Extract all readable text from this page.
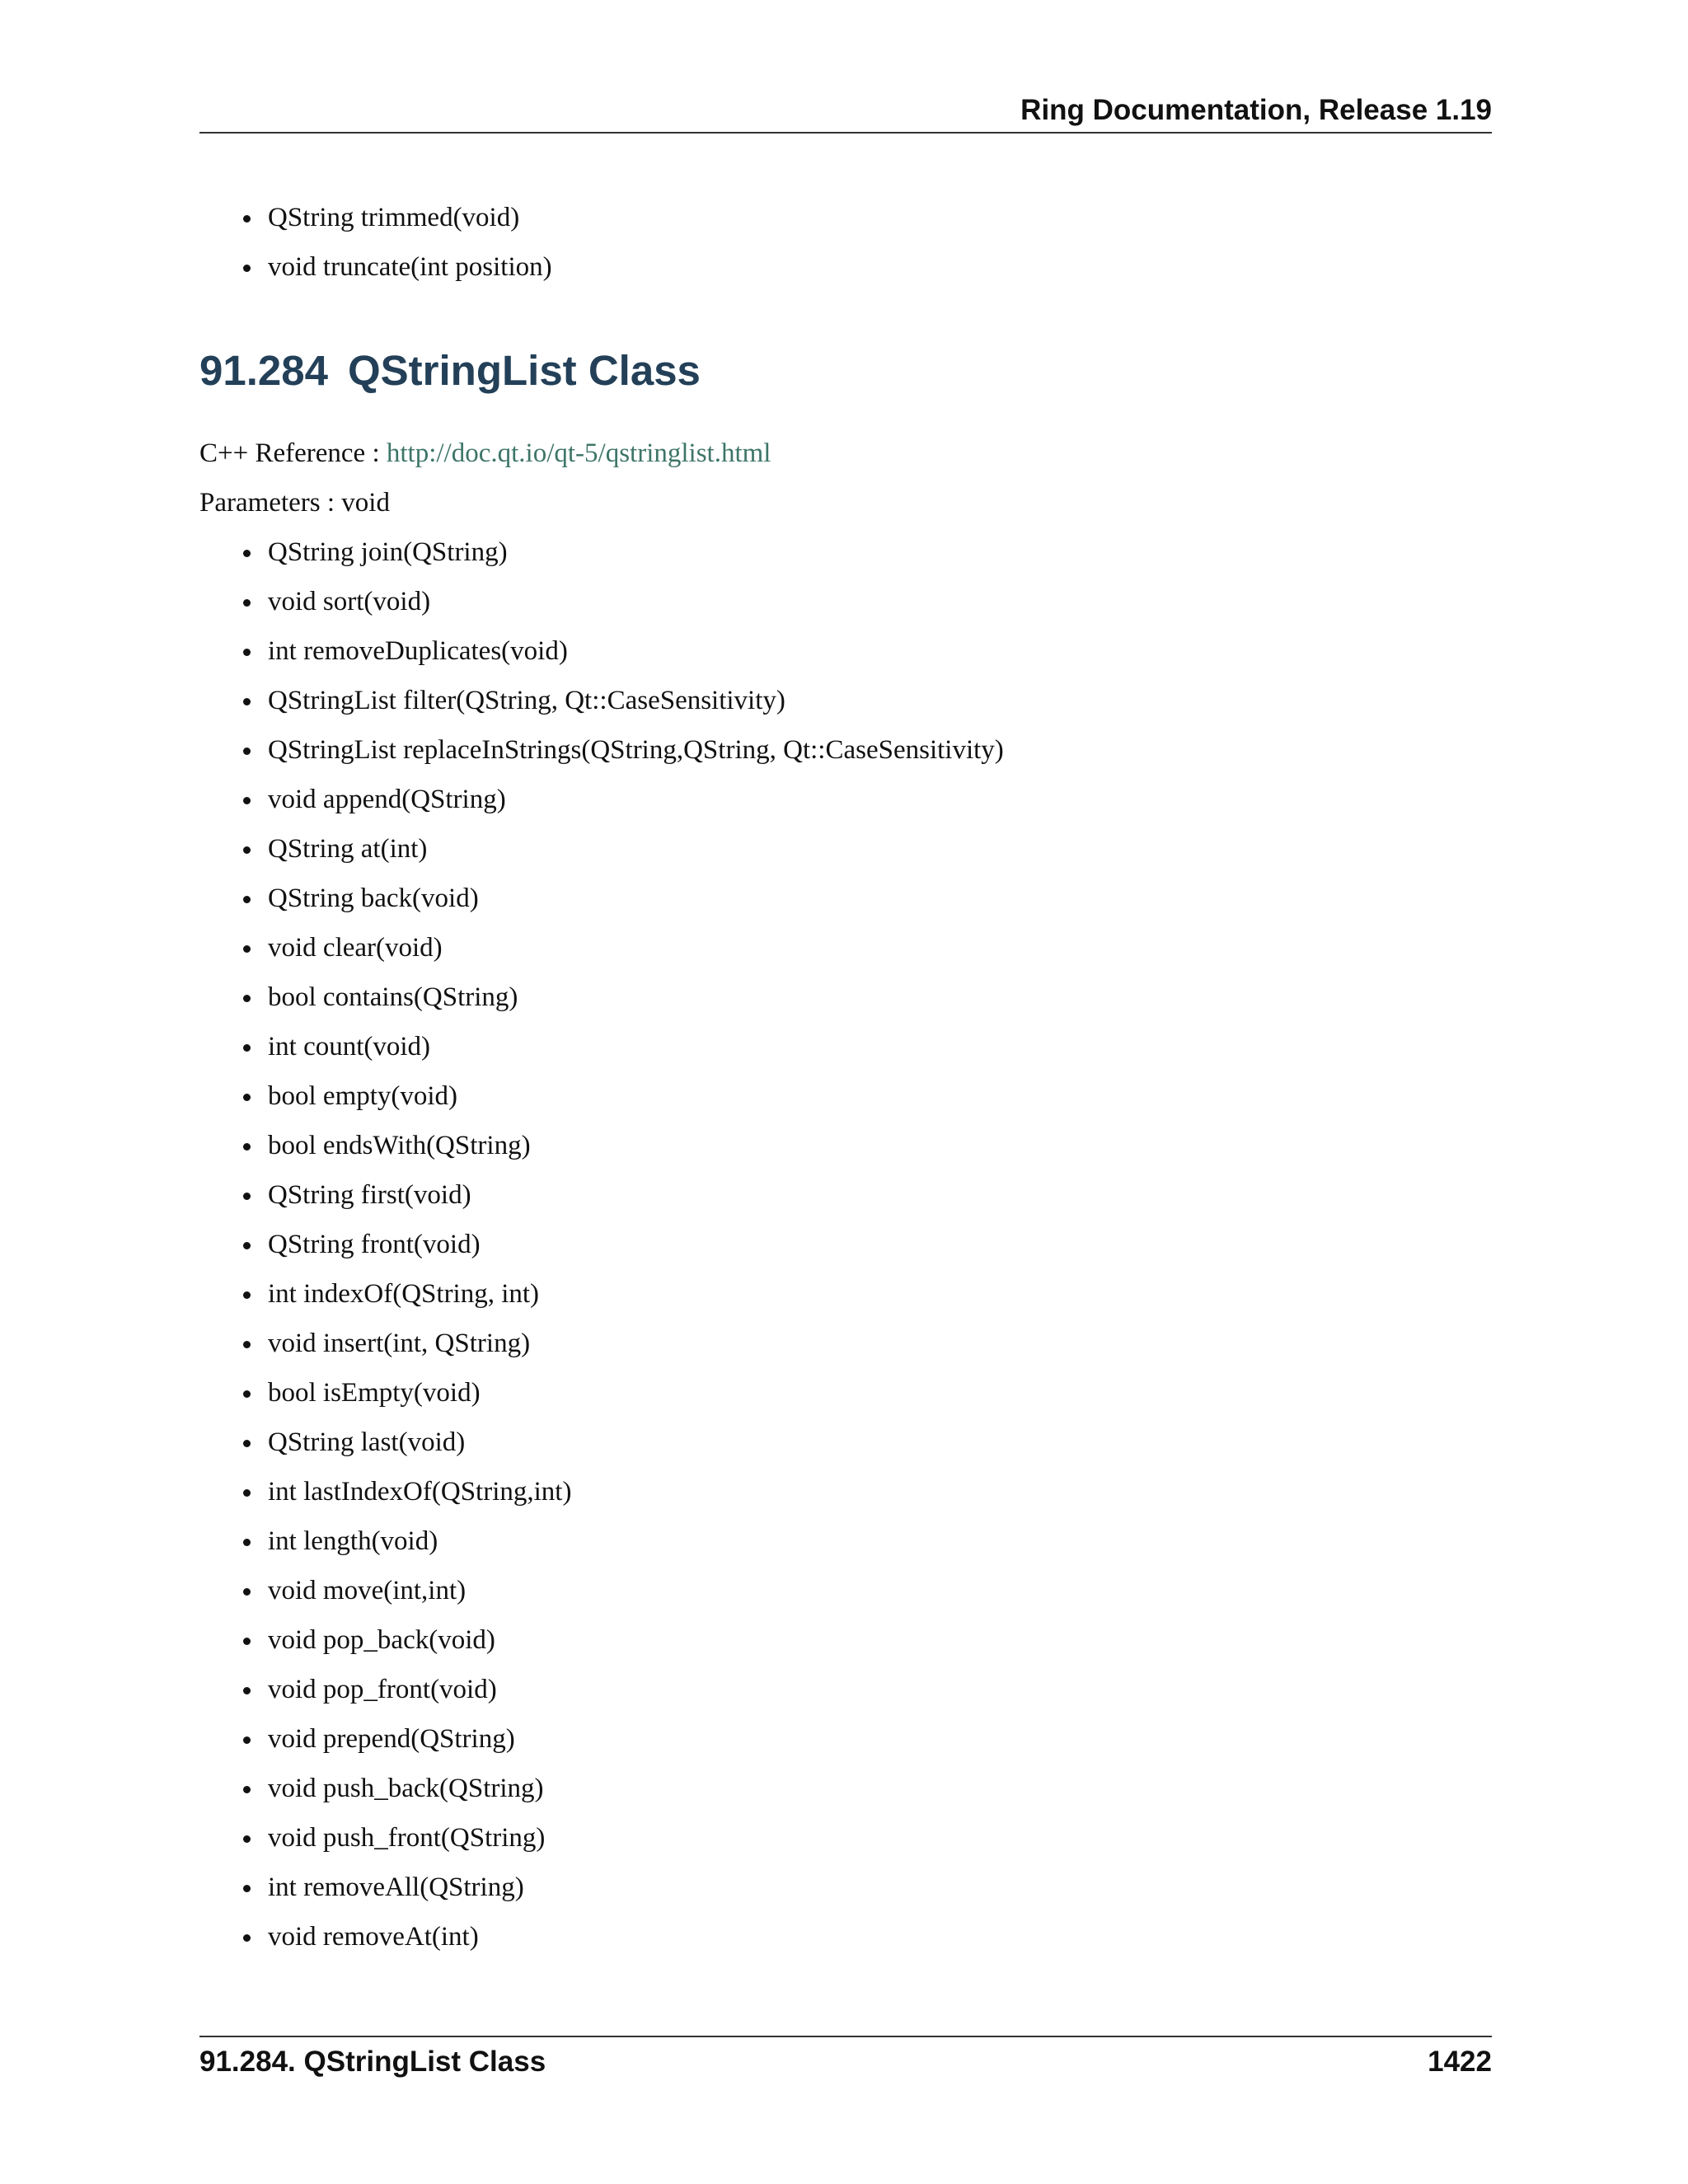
Ring Documentation, Release 1.19
QString trimmed(void)
void truncate(int position)
91.284 QStringList Class
C++ Reference : http://doc.qt.io/qt-5/qstringlist.html
Parameters : void
QString join(QString)
void sort(void)
int removeDuplicates(void)
QStringList filter(QString, Qt::CaseSensitivity)
QStringList replaceInStrings(QString,QString, Qt::CaseSensitivity)
void append(QString)
QString at(int)
QString back(void)
void clear(void)
bool contains(QString)
int count(void)
bool empty(void)
bool endsWith(QString)
QString first(void)
QString front(void)
int indexOf(QString, int)
void insert(int, QString)
bool isEmpty(void)
QString last(void)
int lastIndexOf(QString,int)
int length(void)
void move(int,int)
void pop_back(void)
void pop_front(void)
void prepend(QString)
void push_back(QString)
void push_front(QString)
int removeAll(QString)
void removeAt(int)
91.284. QStringList Class	1422
